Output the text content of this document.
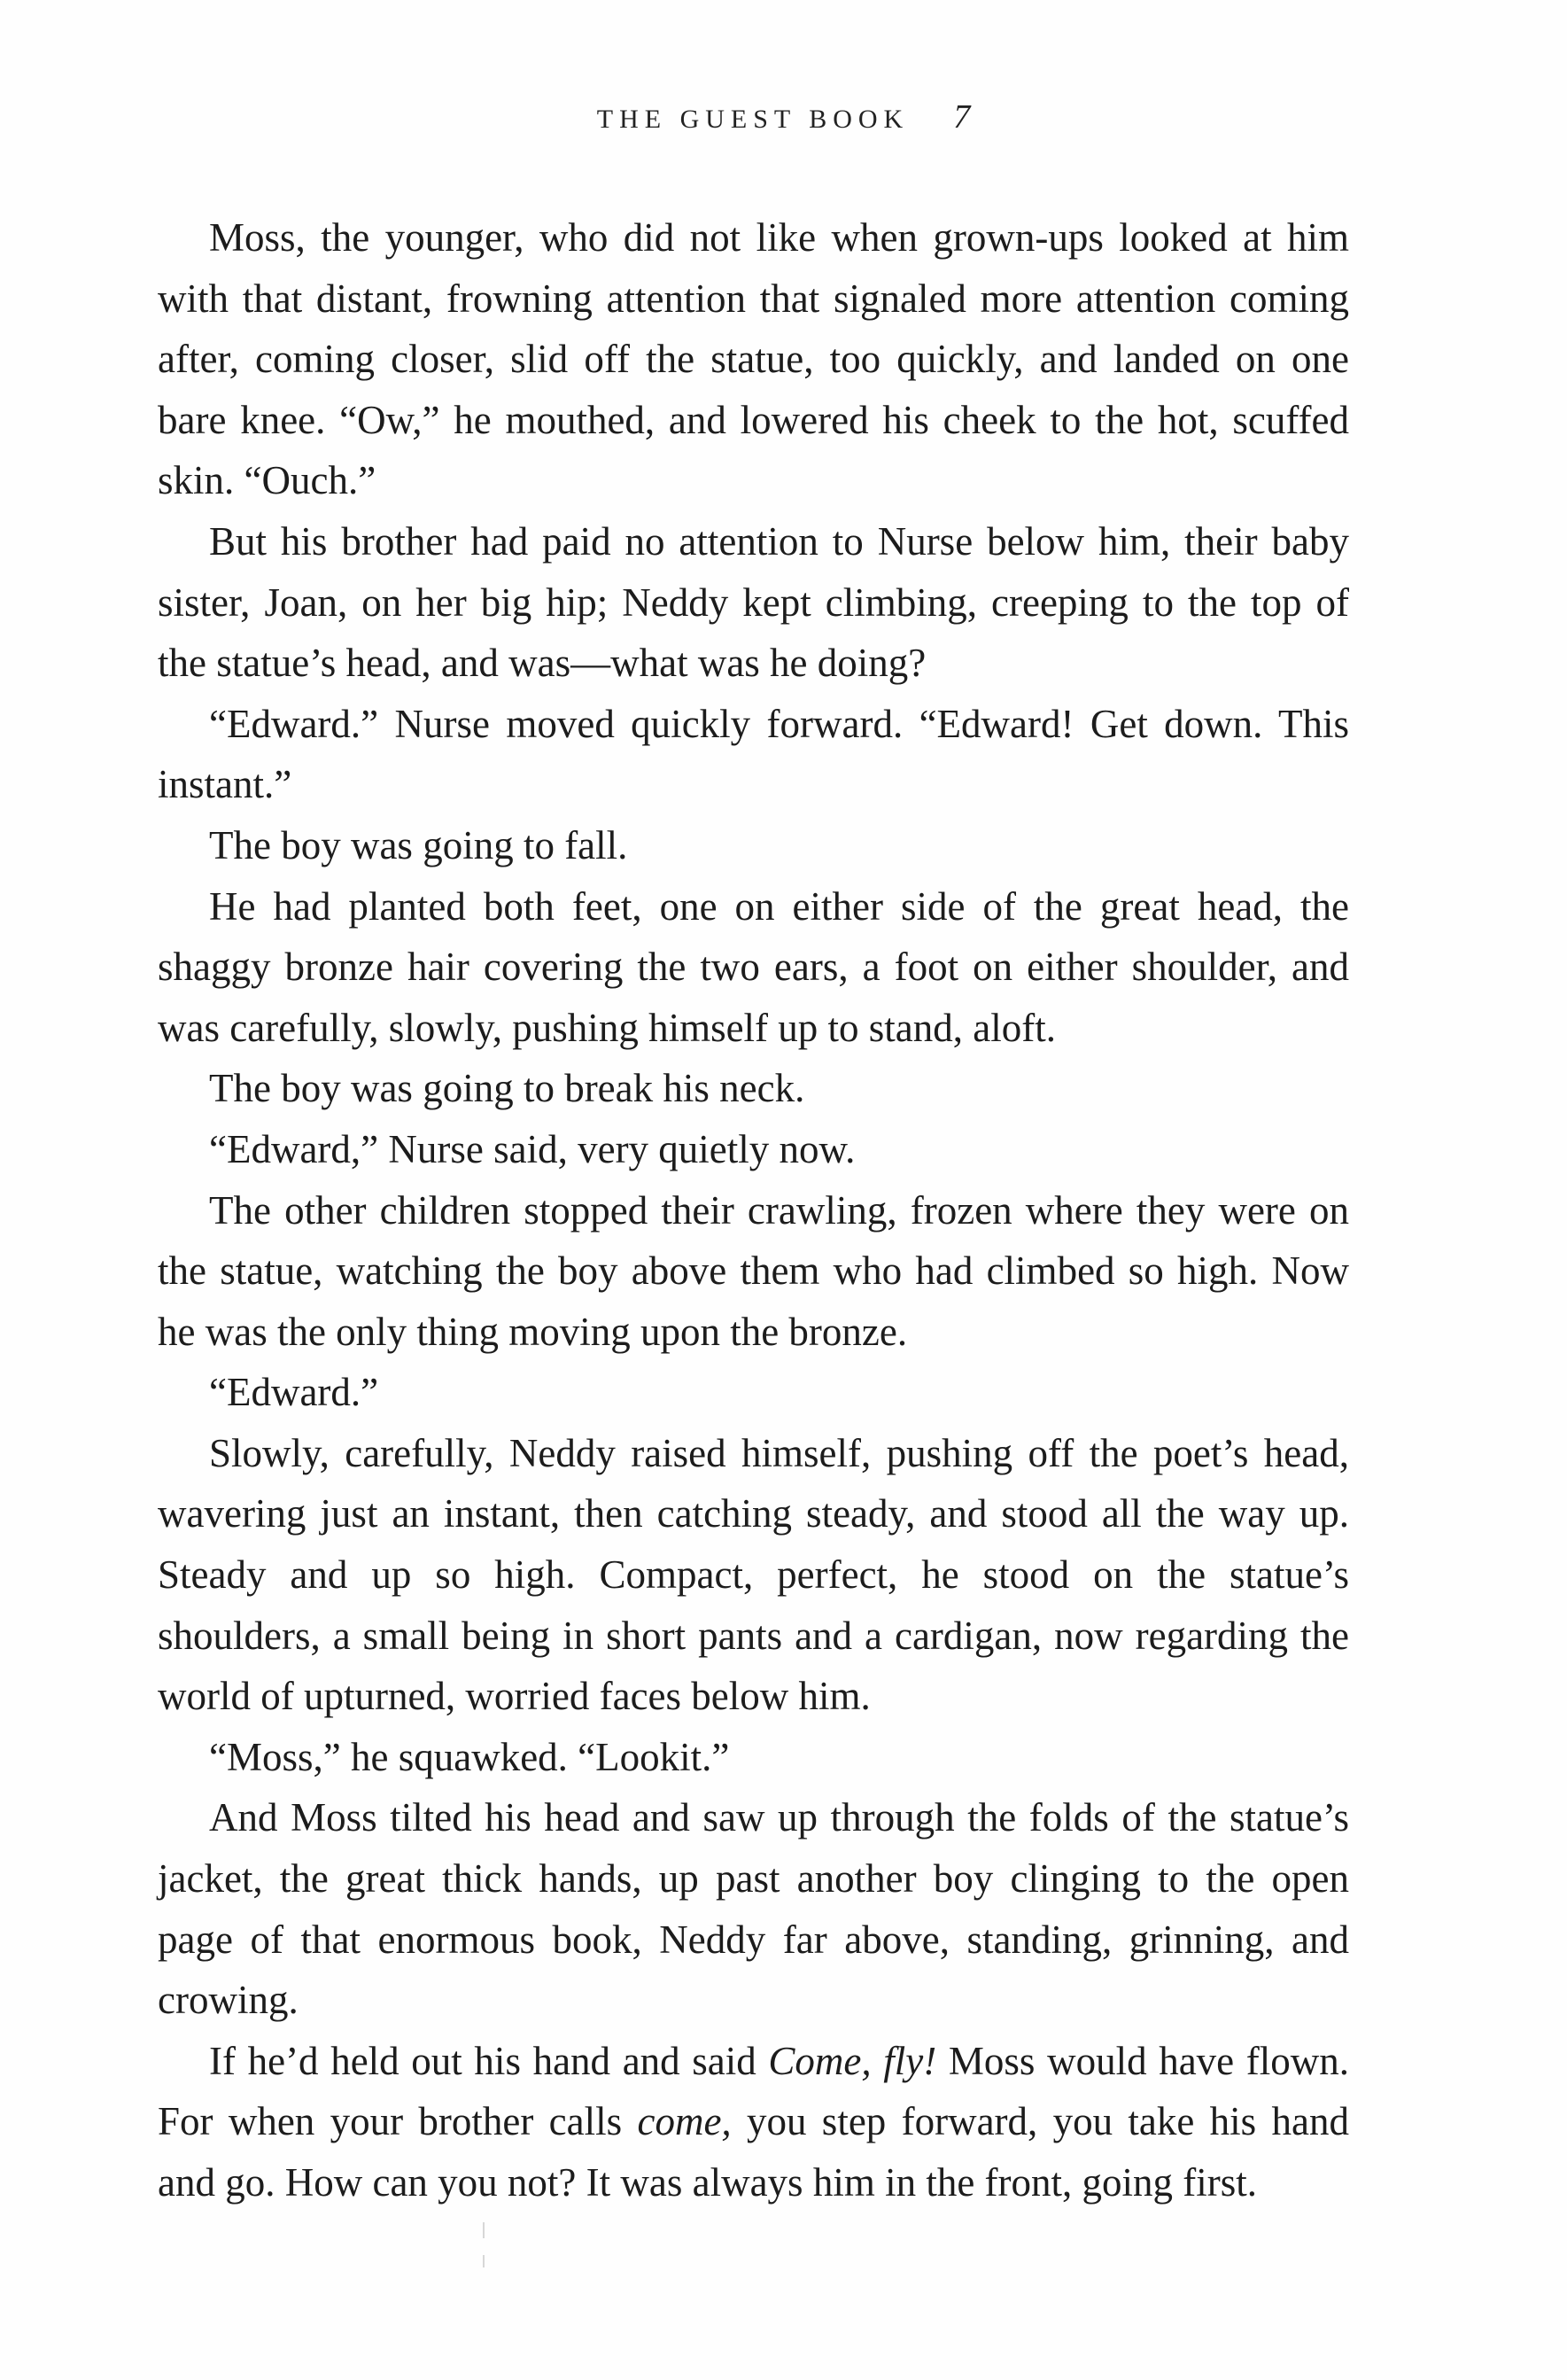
THE GUEST BOOK 7

Moss, the younger, who did not like when grown-ups looked at him with that distant, frowning attention that signaled more attention coming after, coming closer, slid off the statue, too quickly, and landed on one bare knee. “Ow,” he mouthed, and lowered his cheek to the hot, scuffed skin. “Ouch.”

But his brother had paid no attention to Nurse below him, their baby sister, Joan, on her big hip; Neddy kept climbing, creeping to the top of the statue’s head, and was—what was he doing?

“Edward.” Nurse moved quickly forward. “Edward! Get down. This instant.”

The boy was going to fall.

He had planted both feet, one on either side of the great head, the shaggy bronze hair covering the two ears, a foot on either shoulder, and was carefully, slowly, pushing himself up to stand, aloft.

The boy was going to break his neck.

“Edward,” Nurse said, very quietly now.

The other children stopped their crawling, frozen where they were on the statue, watching the boy above them who had climbed so high. Now he was the only thing moving upon the bronze.

“Edward.”

Slowly, carefully, Neddy raised himself, pushing off the poet’s head, wavering just an instant, then catching steady, and stood all the way up. Steady and up so high. Compact, perfect, he stood on the statue’s shoulders, a small being in short pants and a cardigan, now regarding the world of upturned, worried faces below him.

“Moss,” he squawked. “Lookit.”

And Moss tilted his head and saw up through the folds of the statue’s jacket, the great thick hands, up past another boy clinging to the open page of that enormous book, Neddy far above, standing, grinning, and crowing.

If he’d held out his hand and said Come, fly! Moss would have flown. For when your brother calls come, you step forward, you take his hand and go. How can you not? It was always him in the front, going first.
